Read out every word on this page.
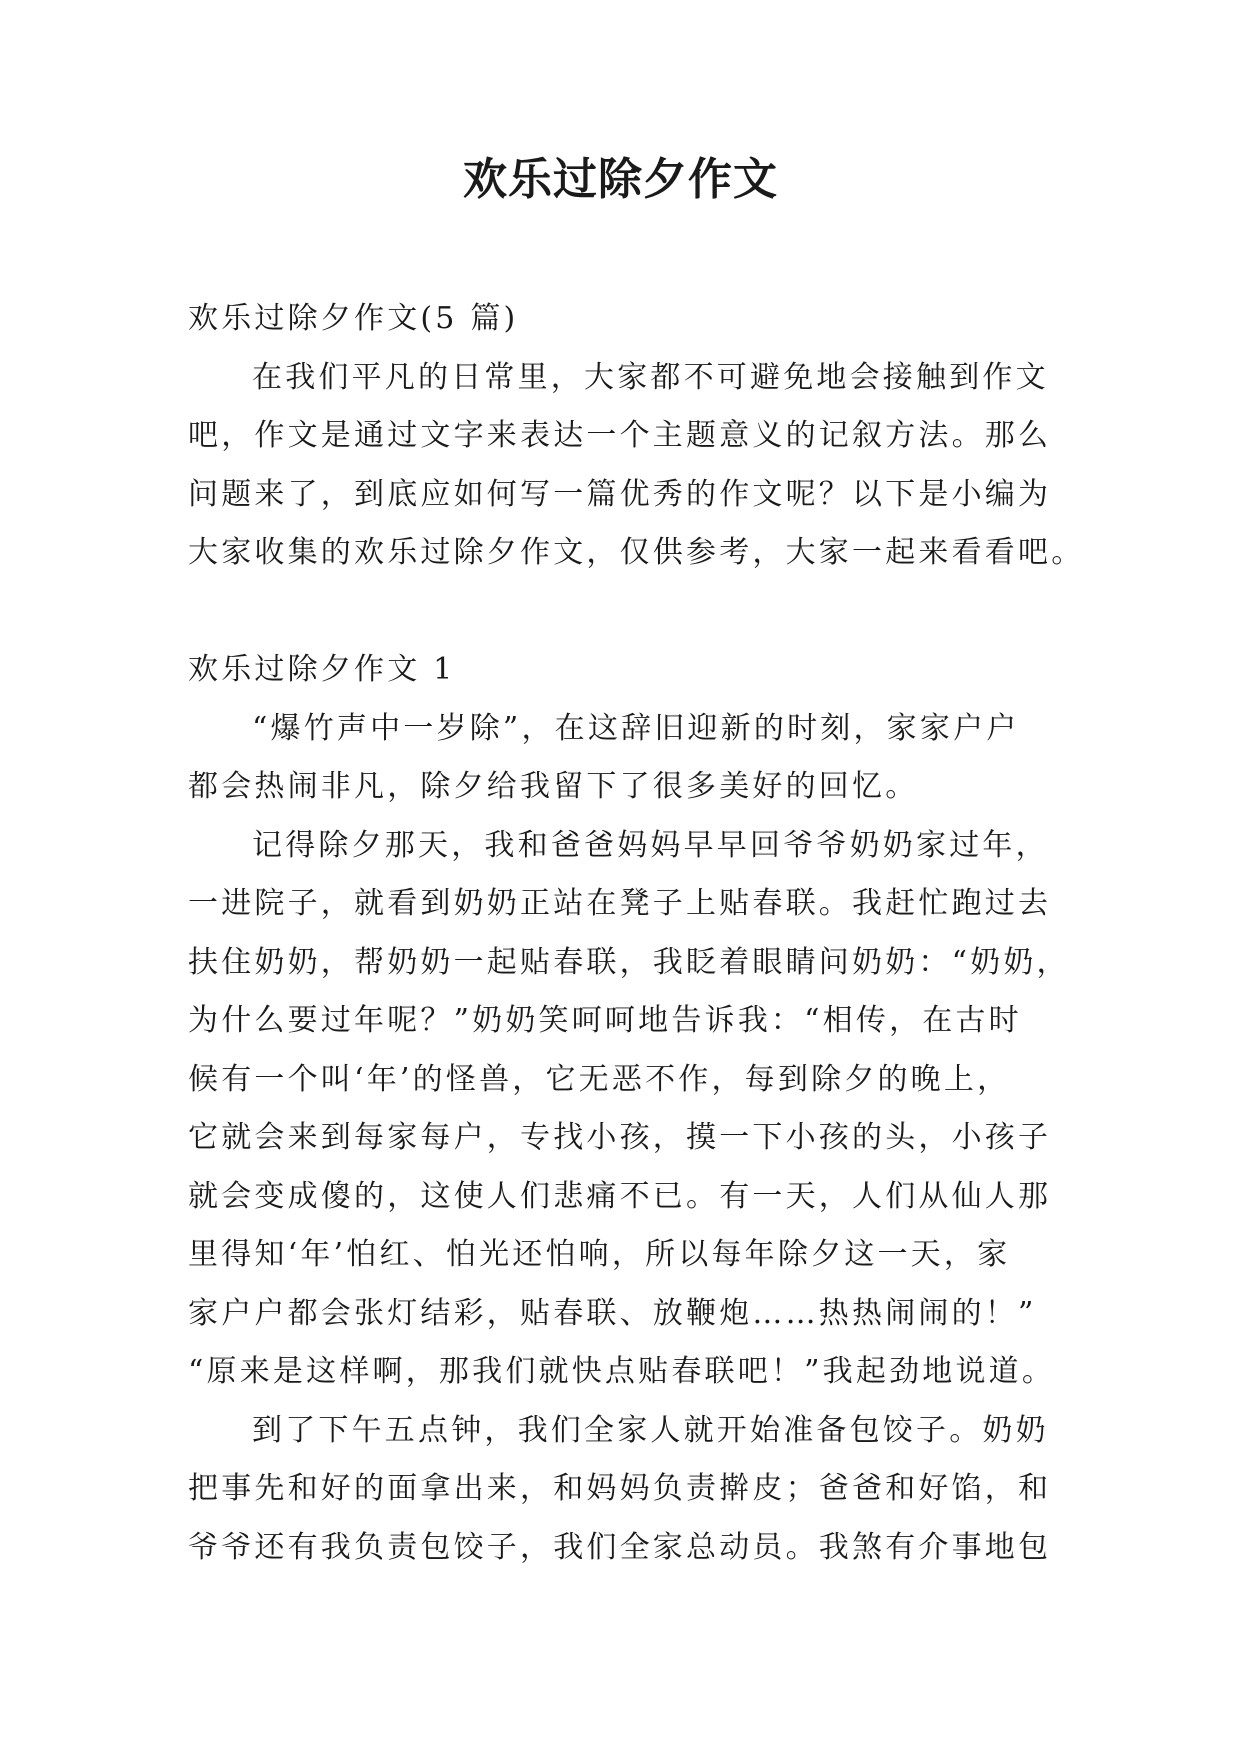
欢乐过除夕作文
欢乐过除夕作文(5 篇)
在我们平凡的日常里，大家都不可避免地会接触到作文
吧，作文是通过文字来表达一个主题意义的记叙方法。那么
问题来了，到底应如何写一篇优秀的作文呢？以下是小编为
大家收集的欢乐过除夕作文，仅供参考，大家一起来看看吧。
欢乐过除夕作文 1
“爆竹声中一岁除”，在这辞旧迎新的时刻，家家户户
都会热闹非凡，除夕给我留下了很多美好的回忆。
记得除夕那天，我和爸爸妈妈早早回爷爷奶奶家过年，
一进院子，就看到奶奶正站在凳子上贴春联。我赶忙跑过去
扶住奶奶，帮奶奶一起贴春联，我眨着眼睛问奶奶：“奶奶，
为什么要过年呢？”奶奶笑呵呵地告诉我：“相传，在古时
候有一个叫‘年’的怪兽，它无恶不作，每到除夕的晚上，
它就会来到每家每户，专找小孩，摸一下小孩的头，小孩子
就会变成傻的，这使人们悲痛不已。有一天，人们从仙人那
里得知‘年’怕红、怕光还怕响，所以每年除夕这一天，家
家户户都会张灯结彩，贴春联、放鞭炮……热热闹闹的！”
“原来是这样啊，那我们就快点贴春联吧！”我起劲地说道。
到了下午五点钟，我们全家人就开始准备包饺子。奶奶
把事先和好的面拿出来，和妈妈负责擀皮；爸爸和好馅，和
爷爷还有我负责包饺子，我们全家总动员。我煞有介事地包
